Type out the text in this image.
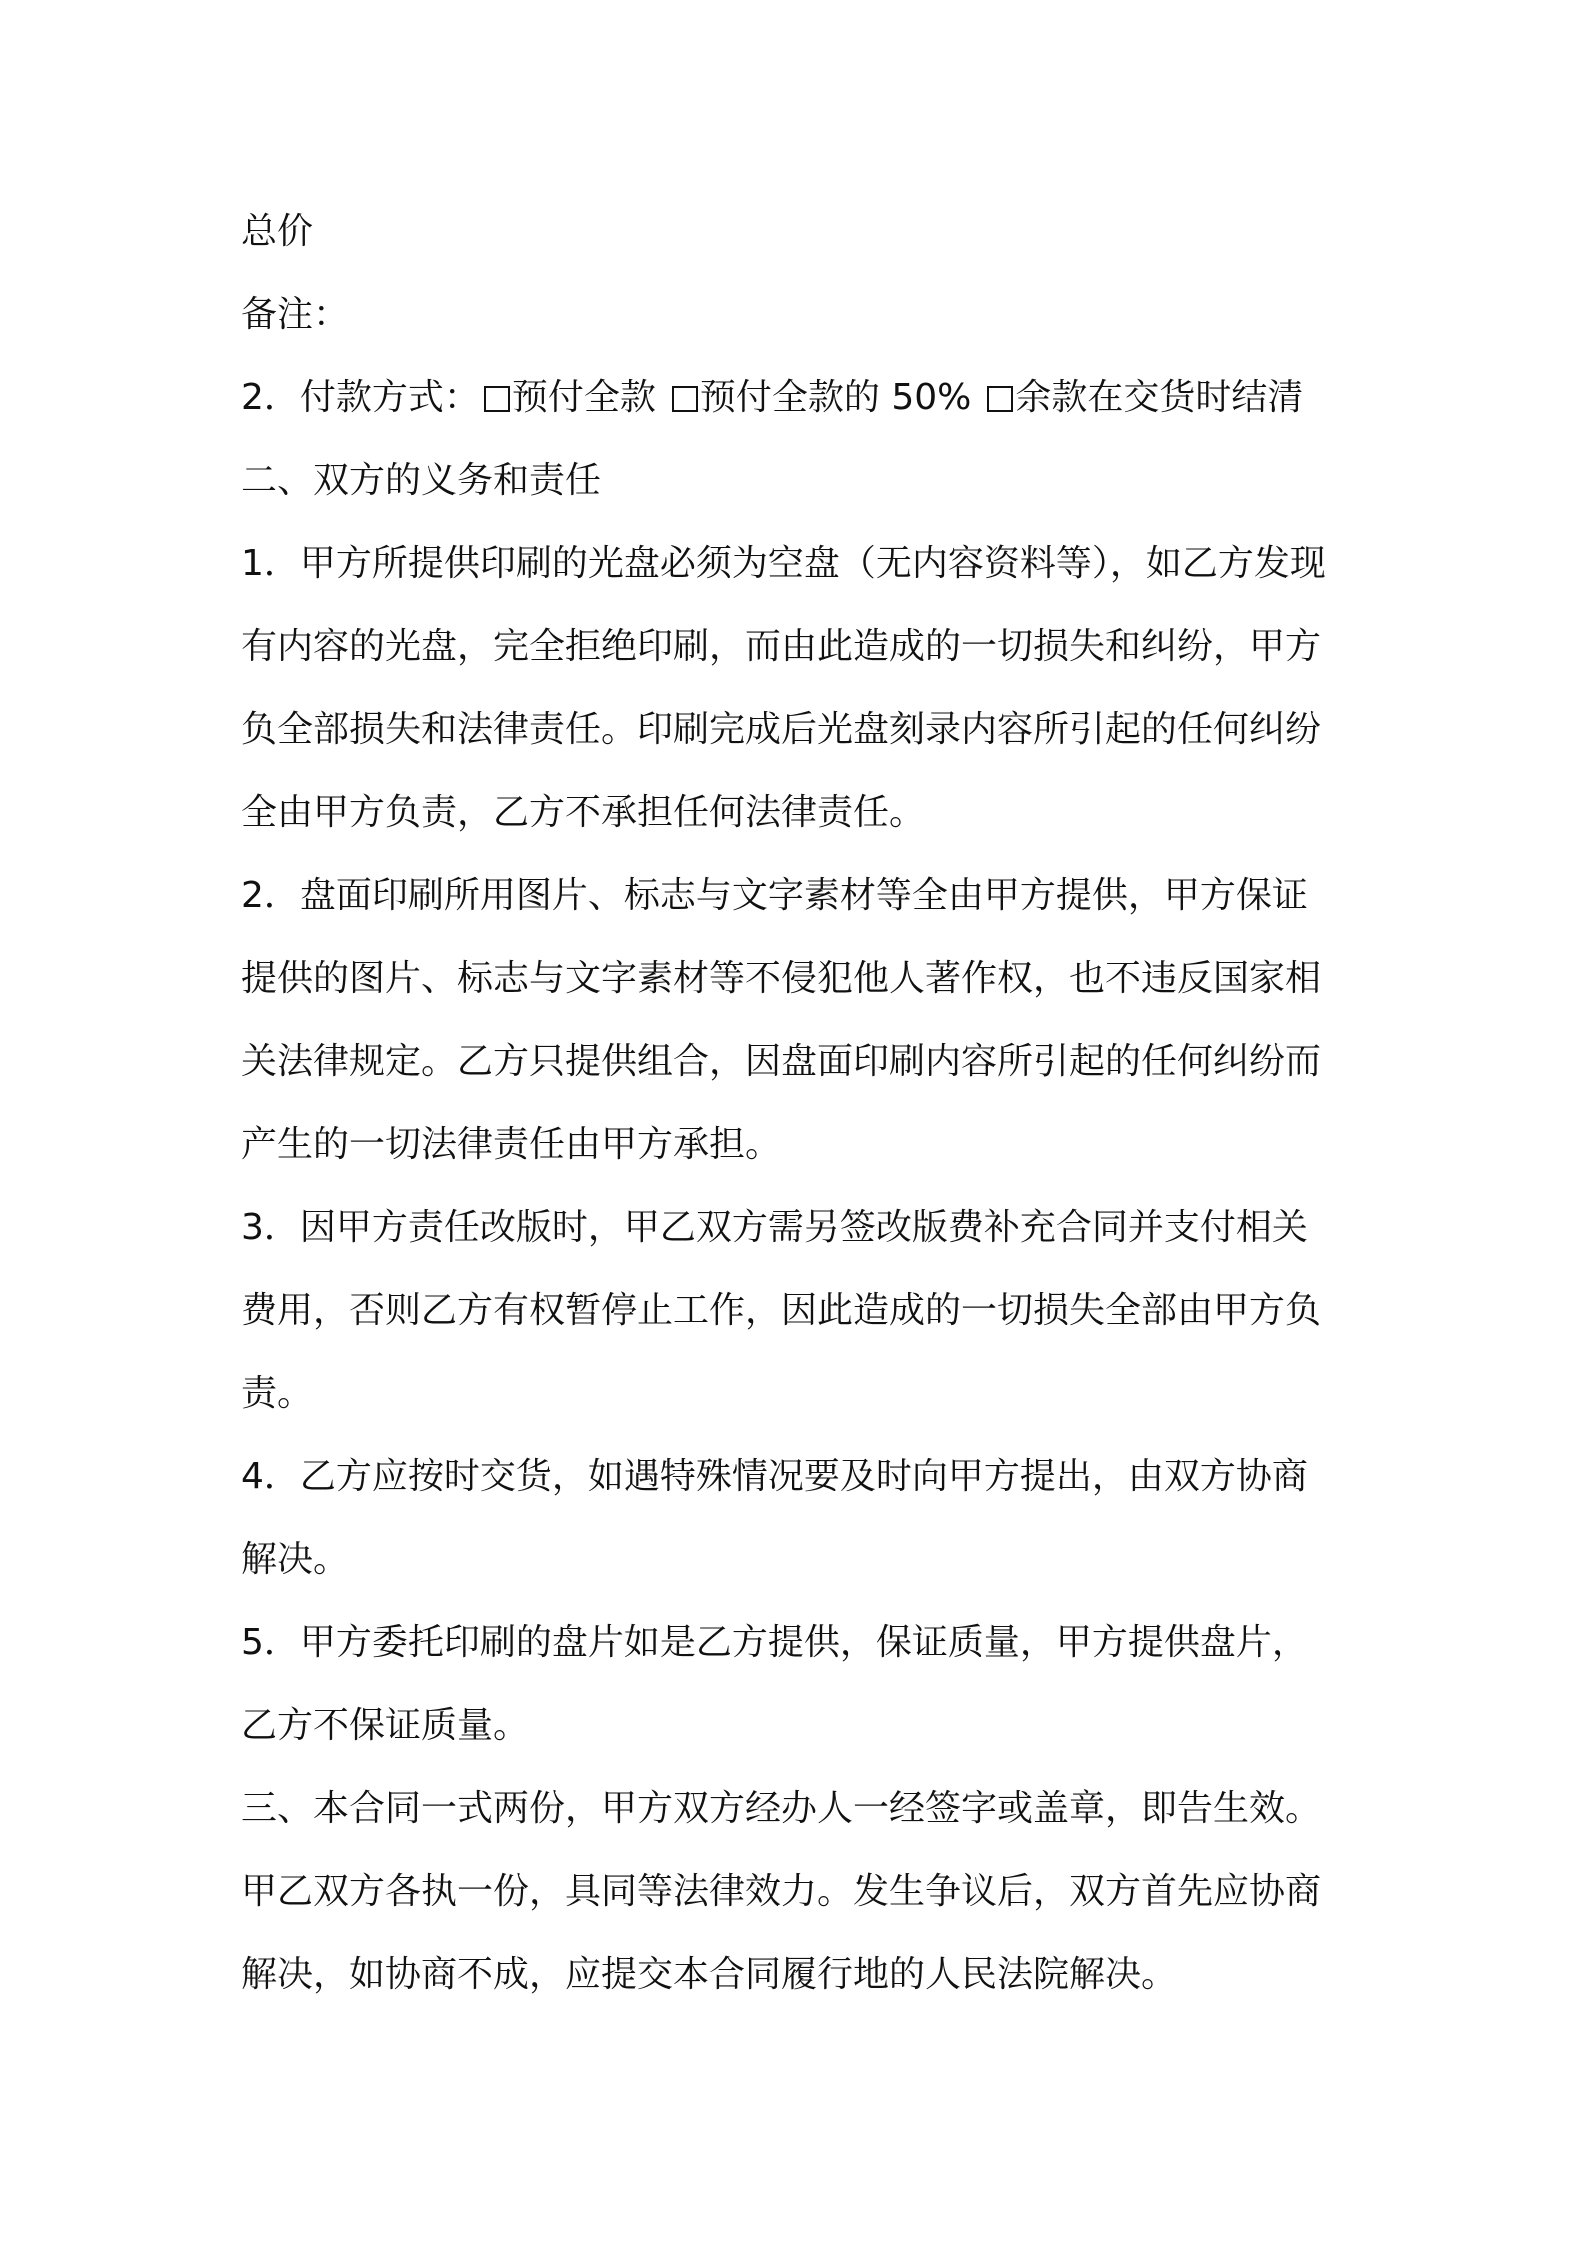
总价
备注：
2．付款方式： 预付全款 预付全款的 50% 余款在交货时结清
二、双方的义务和责任
1．甲方所提供印刷的光盘必须为空盘（无内容资料等），如乙方发现
有内容的光盘，完全拒绝印刷，而由此造成的一切损失和纠纷，甲方
负全部损失和法律责任。印刷完成后光盘刻录内容所引起的任何纠纷
全由甲方负责，乙方不承担任何法律责任。
2．盘面印刷所用图片、标志与文字素材等全由甲方提供，甲方保证
提供的图片、标志与文字素材等不侵犯他人著作权，也不违反国家相
关法律规定。乙方只提供组合，因盘面印刷内容所引起的任何纠纷而
产生的一切法律责任由甲方承担。
3．因甲方责任改版时，甲乙双方需另签改版费补充合同并支付相关
费用，否则乙方有权暂停止工作，因此造成的一切损失全部由甲方负
责。
4．乙方应按时交货，如遇特殊情况要及时向甲方提出，由双方协商
解决。
5．甲方委托印刷的盘片如是乙方提供，保证质量，甲方提供盘片，
乙方不保证质量。
三、本合同一式两份，甲方双方经办人一经签字或盖章，即告生效。
甲乙双方各执一份，具同等法律效力。发生争议后，双方首先应协商
解决，如协商不成，应提交本合同履行地的人民法院解决。
